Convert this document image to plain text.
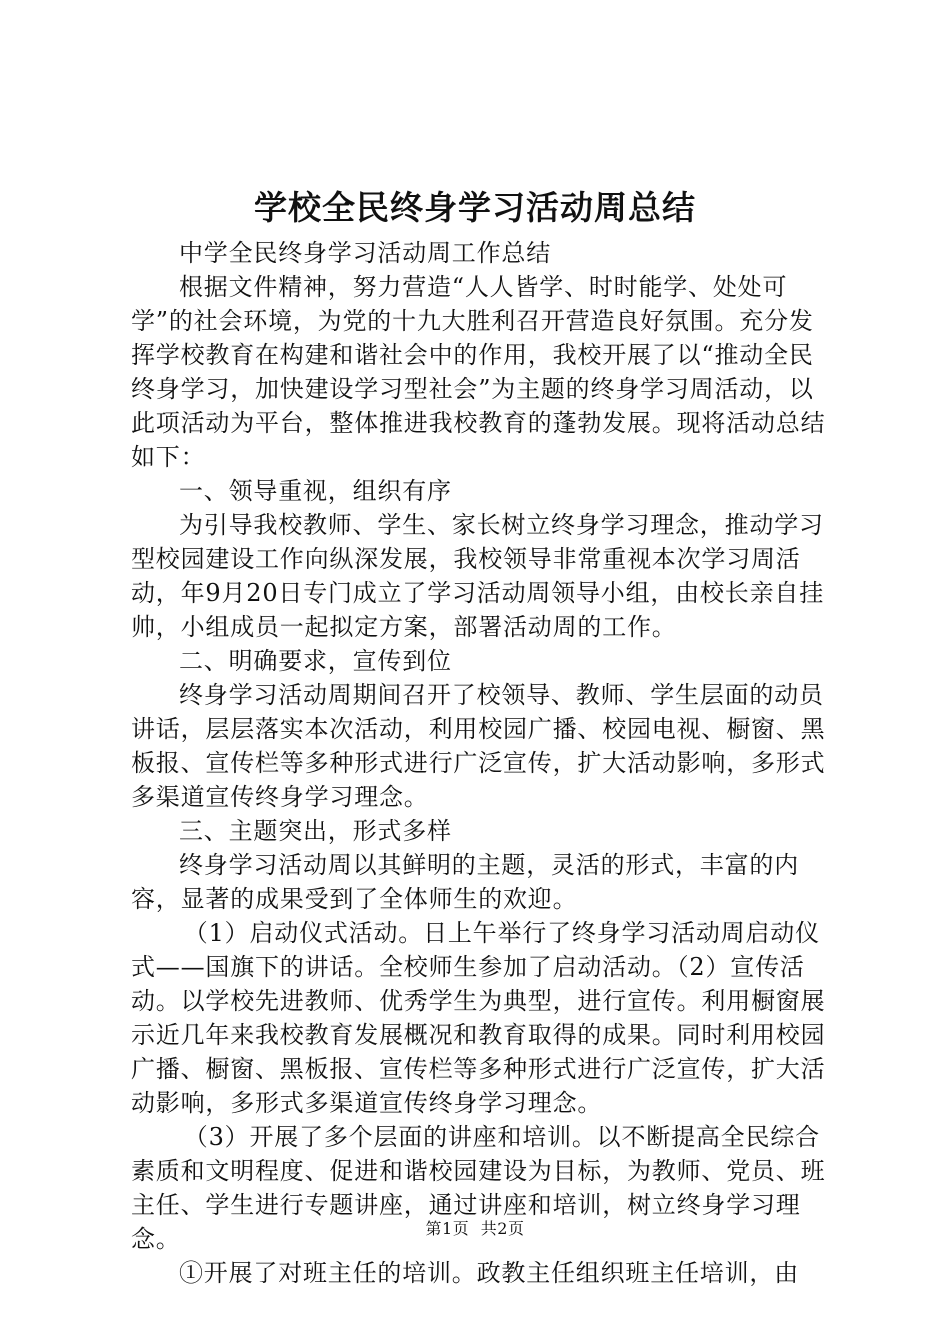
学校全民终身学习活动周总结

中学全民终身学习活动周工作总结

根据文件精神，努力营造“人人皆学、时时能学、处处可学”的社会环境，为党的十九大胜利召开营造良好氛围。充分发挥学校教育在构建和谐社会中的作用，我校开展了以“推动全民终身学习，加快建设学习型社会”为主题的终身学习周活动，以此项活动为平台，整体推进我校教育的蓬勃发展。现将活动总结如下：

一、领导重视，组织有序

为引导我校教师、学生、家长树立终身学习理念，推动学习型校园建设工作向纵深发展，我校领导非常重视本次学习周活动，年9月20日专门成立了学习活动周领导小组，由校长亲自挂帅，小组成员一起拟定方案，部署活动周的工作。

二、明确要求，宣传到位

终身学习活动周期间召开了校领导、教师、学生层面的动员讲话，层层落实本次活动，利用校园广播、校园电视、橱窗、黑板报、宣传栏等多种形式进行广泛宣传，扩大活动影响，多形式多渠道宣传终身学习理念。

三、主题突出，形式多样

终身学习活动周以其鲜明的主题，灵活的形式，丰富的内容，显著的成果受到了全体师生的欢迎。

（1）启动仪式活动。日上午举行了终身学习活动周启动仪式——国旗下的讲话。全校师生参加了启动活动。（2）宣传活动。以学校先进教师、优秀学生为典型，进行宣传。利用橱窗展示近几年来我校教育发展概况和教育取得的成果。同时利用校园广播、橱窗、黑板报、宣传栏等多种形式进行广泛宣传，扩大活动影响，多形式多渠道宣传终身学习理念。

（3）开展了多个层面的讲座和培训。以不断提高全民综合素质和文明程度、促进和谐校园建设为目标，为教师、党员、班主任、学生进行专题讲座，通过讲座和培训，树立终身学习理念。

①开展了对班主任的培训。政教主任组织班主任培训，由

第1页 共2页
